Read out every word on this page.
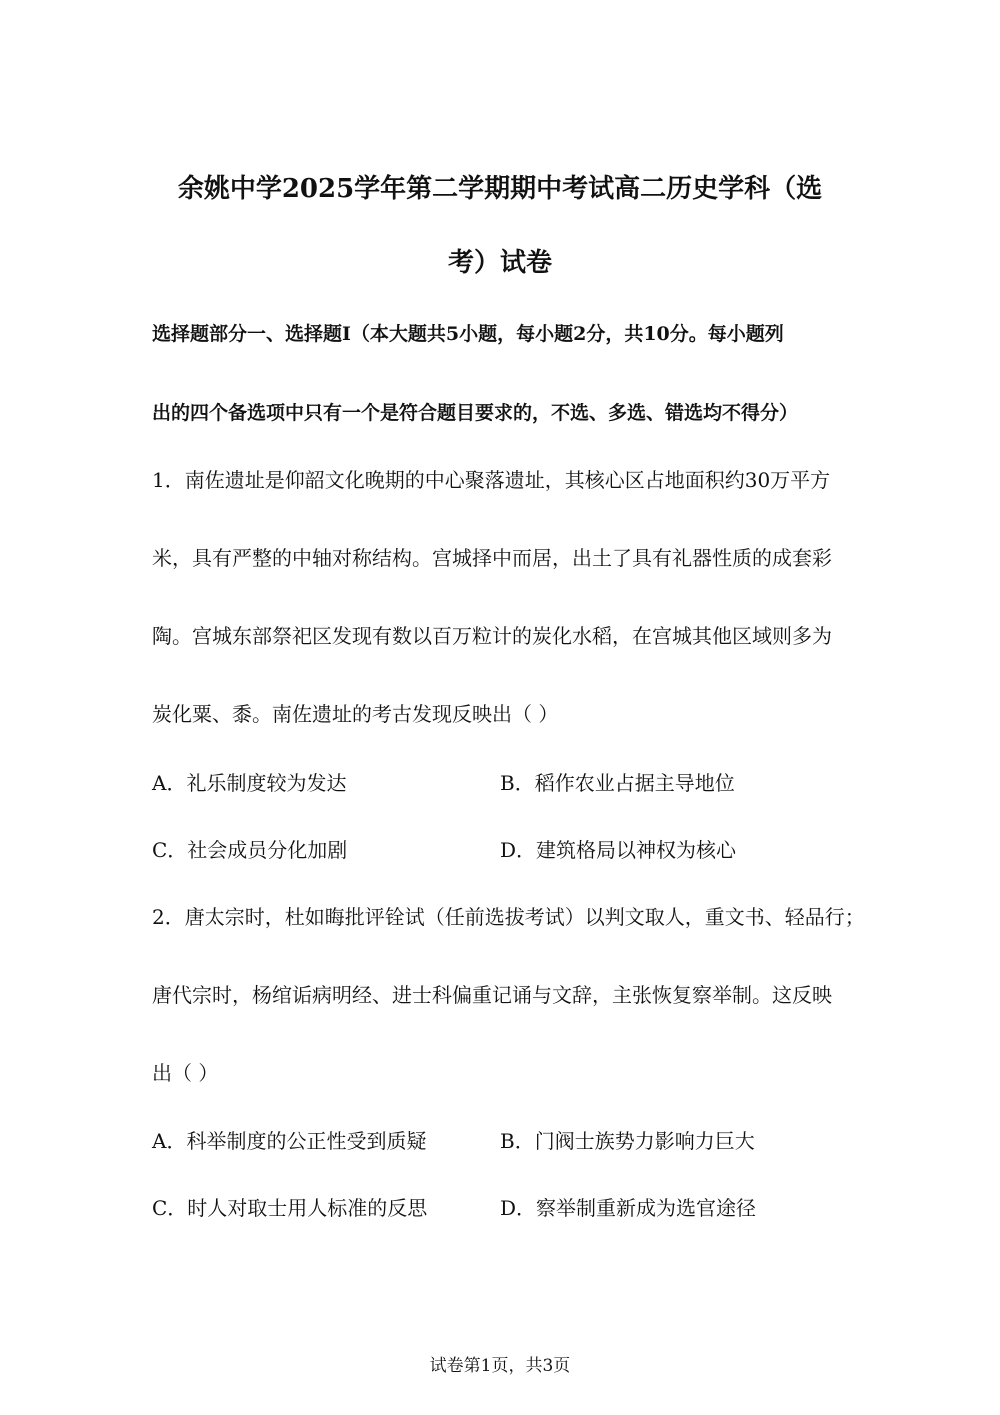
余姚中学2025学年第二学期期中考试高二历史学科（选
考）试卷
选择题部分一、选择题Ⅰ（本大题共5小题，每小题2分，共10分。每小题列
出的四个备选项中只有一个是符合题目要求的，不选、多选、错选均不得分）
1．南佐遗址是仰韶文化晚期的中心聚落遗址，其核心区占地面积约30万平方
米，具有严整的中轴对称结构。宫城择中而居，出土了具有礼器性质的成套彩
陶。宫城东部祭祀区发现有数以百万粒计的炭化水稻，在宫城其他区域则多为
炭化粟、黍。南佐遗址的考古发现反映出（ ）
A．礼乐制度较为发达	B．稻作农业占据主导地位
C．社会成员分化加剧	D．建筑格局以神权为核心
2．唐太宗时，杜如晦批评铨试（任前选拔考试）以判文取人，重文书、轻品行；
唐代宗时，杨绾诟病明经、进士科偏重记诵与文辞，主张恢复察举制。这反映
出（ ）
A．科举制度的公正性受到质疑	B．门阀士族势力影响力巨大
C．时人对取士用人标准的反思	D．察举制重新成为选官途径
试卷第1页，共3页
